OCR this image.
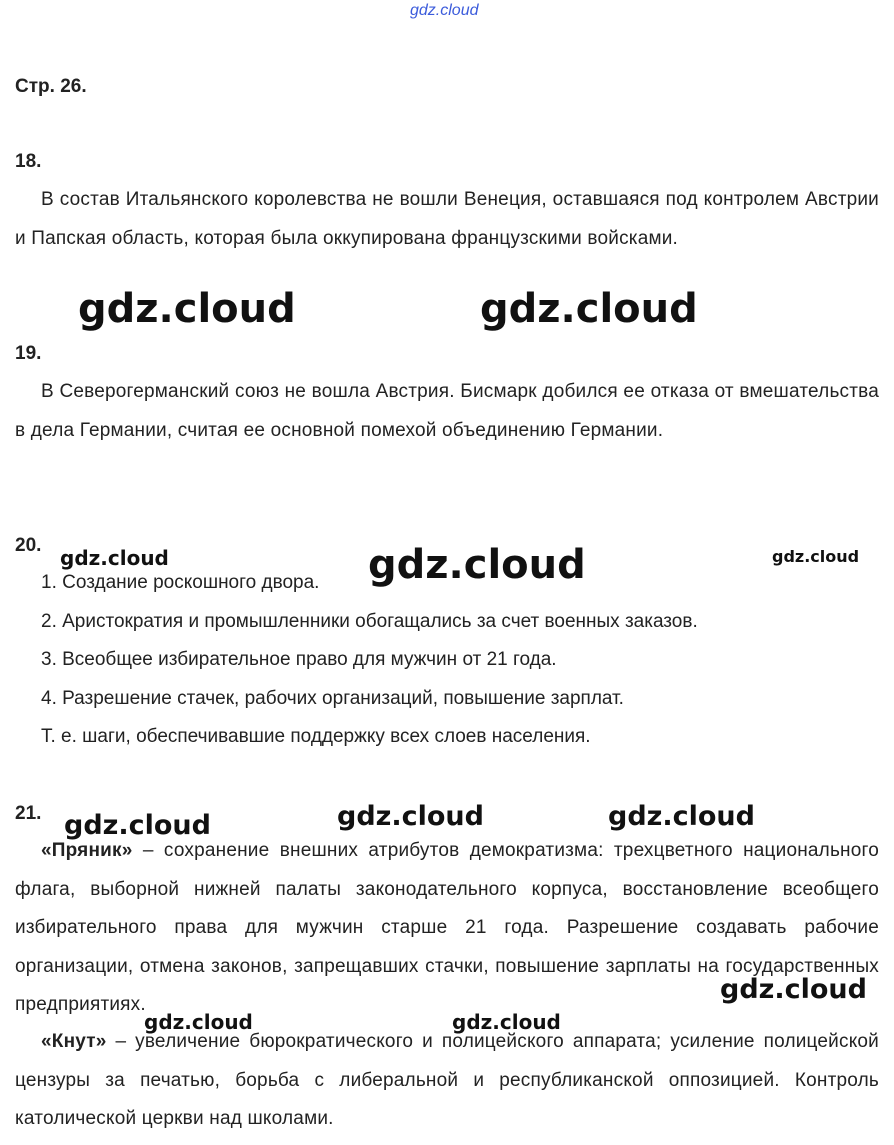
gdz.cloud
Стр. 26.
18.

В состав Итальянского королевства не вошли Венеция, оставшаяся под контролем Австрии и Папская область, которая была оккупирована французскими войсками.

19.

В Северогерманский союз не вошла Австрия. Бисмарк добился ее отказа от вмешательства в дела Германии, считая ее основной помехой объединению Германии.

20.
1. Создание роскошного двора.
2. Аристократия и промышленники обогащались за счет военных заказов.
3. Всеобщее избирательное право для мужчин от 21 года.
4. Разрешение стачек, рабочих организаций, повышение зарплат.
Т. е. шаги, обеспечивавшие поддержку всех слоев населения.
21.

«Пряник» – сохранение внешних атрибутов демократизма: трехцветного национального флага, выборной нижней палаты законодательного корпуса, восстановление всеобщего избирательного права для мужчин старше 21 года. Разрешение создавать рабочие организации, отмена законов, запрещавших стачки, повышение зарплаты на государственных предприятиях.

«Кнут» – увеличение бюрократического и полицейского аппарата; усиление полицейской цензуры за печатью, борьба с либеральной и республиканской оппозицией. Контроль католической церкви над школами.

gdz.cloud	gdz.cloud
gdz.cloud	gdz.cloud	gdz.cloud
gdz.cloud	gdz.cloud	gdz.cloud
gdz.cloud
gdz.cloud	gdz.cloud
